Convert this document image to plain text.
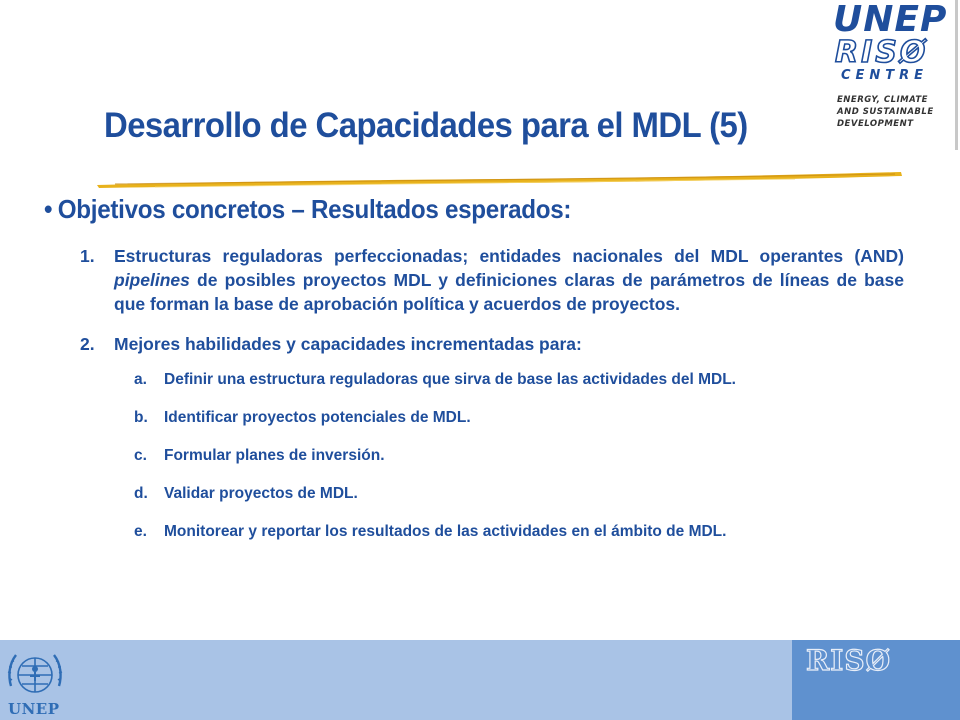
UNEP
RISØ
CENTRE
ENERGY, CLIMATE
AND SUSTAINABLE
DEVELOPMENT
Desarrollo de Capacidades para el MDL (5)
• Objetivos concretos – Resultados esperados:
1.	Estructuras reguladoras perfeccionadas; entidades nacionales del MDL operantes (AND) pipelines de posibles proyectos MDL y definiciones claras de parámetros de líneas de base que forman la base de aprobación política y acuerdos de proyectos.
2.	Mejores habilidades y capacidades incrementadas para:
a.	Definir una estructura reguladoras que sirva de base las actividades del MDL.
b.	Identificar proyectos potenciales de MDL.
c.	Formular planes de inversión.
d.	Validar proyectos de MDL.
e.	Monitorear y reportar los resultados de las actividades en el ámbito de MDL.
UNEP
RISØ
